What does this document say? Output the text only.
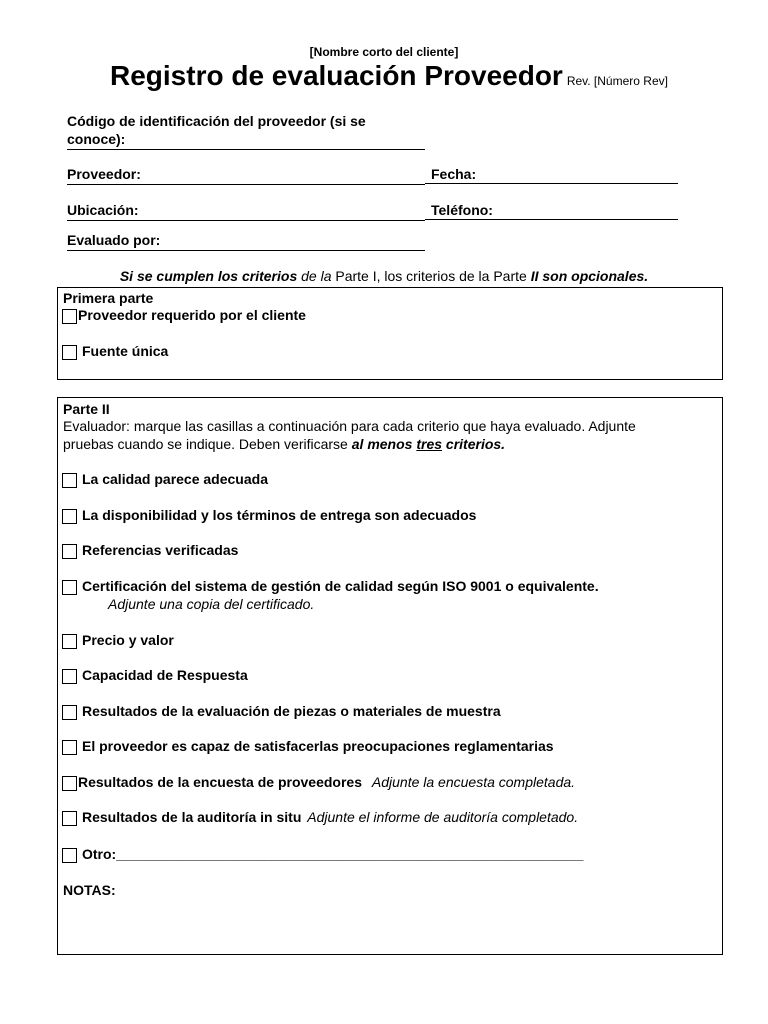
[Nombre corto del cliente]
Registro de evaluación Proveedor Rev. [Número Rev]
Código de identificación del proveedor (si se conoce):
Proveedor:	Fecha:
Ubicación:	Teléfono:
Evaluado por:
Si se cumplen los criterios de la Parte I, los criterios de la Parte II son opcionales.
Primera parte
Proveedor requerido por el cliente
Fuente única
Parte II
Evaluador: marque las casillas a continuación para cada criterio que haya evaluado. Adjunte
pruebas cuando se indique. Deben verificarse al menos tres criterios.
La calidad parece adecuada
La disponibilidad y los términos de entrega son adecuados
Referencias verificadas
Certificación del sistema de gestión de calidad según ISO 9001 o equivalente.
Adjunte una copia del certificado.
Precio y valor
Capacidad de Respuesta
Resultados de la evaluación de piezas o materiales de muestra
El proveedor es capaz de satisfacerlas preocupaciones reglamentarias
Resultados de la encuesta de proveedores Adjunte la encuesta completada.
Resultados de la auditoría in situ Adjunte el informe de auditoría completado.
Otro:____________________________________________________________
NOTAS:
